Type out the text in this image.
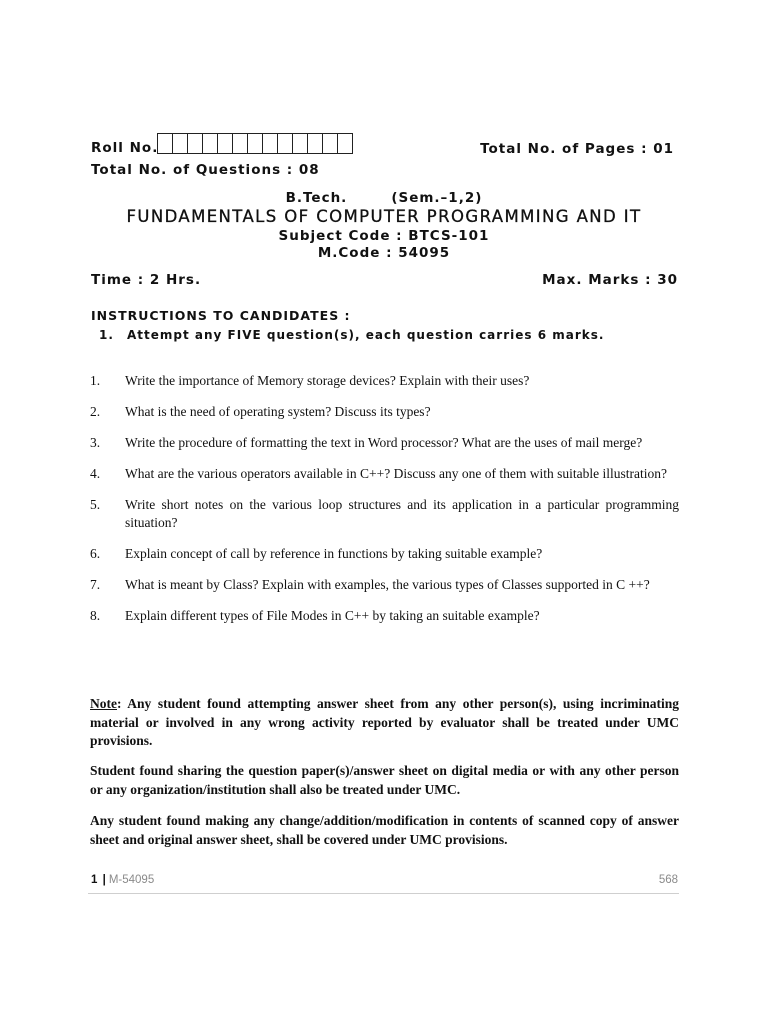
Roll No.	Total No. of Pages : 01
Total No. of Questions : 08
B.Tech.	(Sem.–1,2)
FUNDAMENTALS OF COMPUTER PROGRAMMING AND IT
Subject Code : BTCS-101
M.Code : 54095
Time : 2 Hrs.	Max. Marks : 30
INSTRUCTIONS TO CANDIDATES :
1. Attempt any FIVE question(s), each question carries 6 marks.
1.	Write the importance of Memory storage devices? Explain with their uses?
2.	What is the need of operating system? Discuss its types?
3.	Write the procedure of formatting the text in Word processor? What are the uses of mail merge?
4.	What are the various operators available in C++? Discuss any one of them with suitable illustration?
5.	Write short notes on the various loop structures and its application in a particular programming situation?
6.	Explain concept of call by reference in functions by taking suitable example?
7.	What is meant by Class? Explain with examples, the various types of Classes supported in C ++?
8.	Explain different types of File Modes in C++ by taking an suitable example?
Note: Any student found attempting answer sheet from any other person(s), using incriminating material or involved in any wrong activity reported by evaluator shall be treated under UMC provisions.
Student found sharing the question paper(s)/answer sheet on digital media or with any other person or any organization/institution shall also be treated under UMC.
Any student found making any change/addition/modification in contents of scanned copy of answer sheet and original answer sheet, shall be covered under UMC provisions.
1 | M-54095	568
